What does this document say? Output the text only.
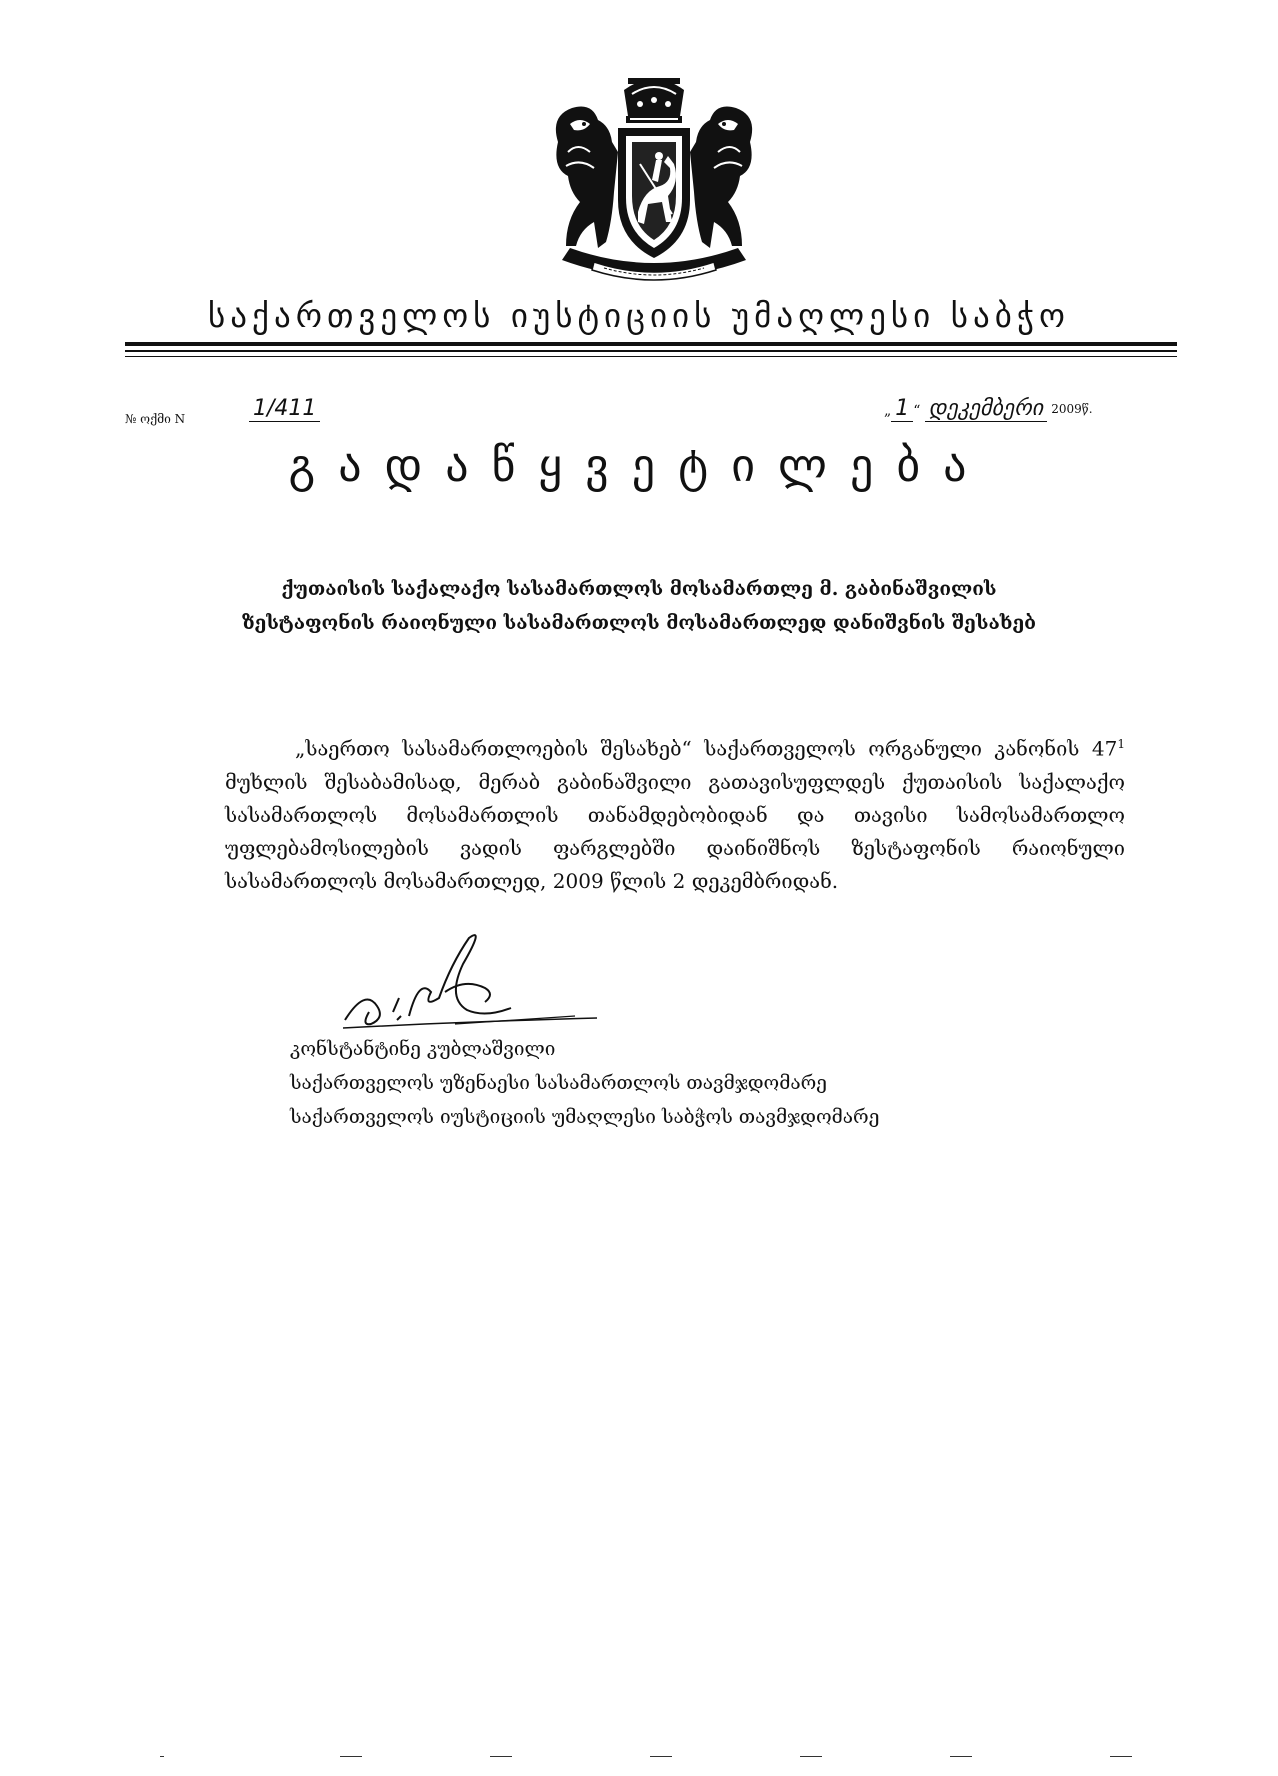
საქართველოს იუსტიციის უმაღლესი საბჭო
№ ოქმი N	1/411	„ 1 “ დეკემბერი 2009წ.
გადაწყვეტილება
ქუთაისის საქალაქო სასამართლოს მოსამართლე მ. გაბინაშვილის
ზესტაფონის რაიონული სასამართლოს მოსამართლედ დანიშვნის შესახებ
„საერთო სასამართლოების შესახებ“ საქართველოს ორგანული კანონის $47^1$ მუხლის შესაბამისად, მერაბ გაბინაშვილი გათავისუფლდეს ქუთაისის საქალაქო სასამართლოს მოსამართლის თანამდებობიდან და თავისი სამოსამართლო უფლებამოსილების ვადის ფარგლებში დაინიშნოს ზესტაფონის რაიონული სასამართლოს მოსამართლედ, 2009 წლის 2 დეკემბრიდან.
კონსტანტინე კუბლაშვილი
საქართველოს უზენაესი სასამართლოს თავმჯდომარე
საქართველოს იუსტიციის უმაღლესი საბჭოს თავმჯდომარე
